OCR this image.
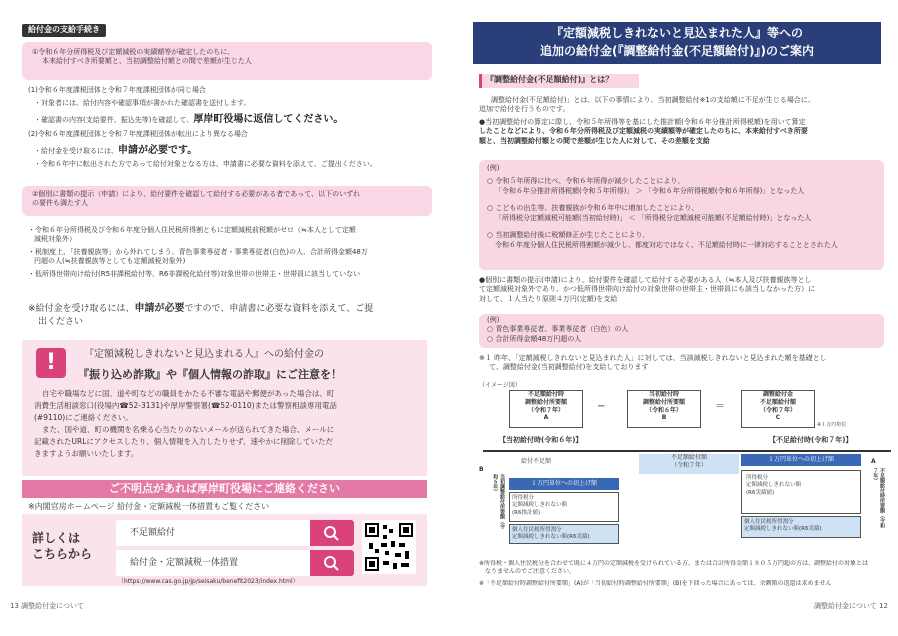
給付金の支給手続き
①令和６年分所得税及び定額減税の実績額等が確定したのちに、
本来給付すべき所要額と、当初調整給付額との間で差額が生じた人
(1)令和６年度課税団体と令和７年度課税団体が同じ場合
・対象者には、給付内容や確認事項が書かれた確認書を送付します。
・確認書の内容(支給要件、振込先等)を確認して、厚岸町役場に返信してください。
(2)令和６年度課税団体と令和７年度課税団体が転出により異なる場合
・給付金を受け取るには、申請が必要です。
・令和６年中に転出された方であって給付対象となる方は、申請書に必要な資料を添えて、ご提出ください。
②個別に書類の提示（申請）により、給付要件を確認して給付する必要がある者であって、以下のいずれ
の要件も満たす人
・令和６年分所得税及び令和６年度分個人住民税所得割ともに定額減税前税額がゼロ（≒本人として定額
減税対象外）
・税制度上、「扶養親族等」から外れてしまう、青色事業専従者・事業専従者(白色)の人、合計所得金額48万
円超の人(≒扶養親族等としても定額減税対象外)
・低所得世帯向け給付(R5非課税給付等、R6非課税化給付等)対象世帯の世帯主・世帯員に該当していない
※給付金を受け取るには、申請が必要ですので、申請書に必要な資料を添えて、ご提
出ください
!	『定額減税しきれないと見込まれる人』への給付金の
『振り込め詐欺』や『個人情報の詐取』にご注意を！
自宅や職場などに国、道や町などの職員をかたる不審な電話や郵便があった場合は、町
消費生活相談窓口(役場内☎52-3131)や厚岸警察署(☎52-0110)または警察相談専用電話
(#9110)にご連絡ください。
また、国や道、町の機関を名乗る心当たりのないメールが送られてきた場合、メールに
記載されたURLにアクセスしたり、個人情報を入力したりせず、速やかに削除していただ
きますようお願いいたします。
ご不明点があれば厚岸町役場にご連絡ください
※内閣官房ホームページ 給付金・定額減税一体措置もご覧ください
詳しくは
こちらから
不足額給付
給付金・定額減税一体措置
（https://www.cas.go.jp/jp/seisaku/benefit2023/index.html）
13 調整給付金について
『定額減税しきれないと見込まれた人』等への
追加の給付金(『調整給付金(不足額給付)』)のご案内
『調整給付金(不足額給付)』とは？
調整給付金(不足額給付)」とは、以下の事情により、当初調整給付※1の支給額に不足が生じる場合に、
追加で給付を行うものです。
●当初調整給付の算定に際し、令和５年所得等を基にした推計額(令和６年分推計所得税額)を用いて算定
したことなどにより、令和６年分所得税及び定額減税の実績額等が確定したのちに、本来給付すべき所要
額と、当初調整給付額との間で差額が生じた人に対して、その差額を支給
(例)
○ 令和５年所得に比べ、令和６年所得が減少したことにより、
「令和６年分推計所得税額(令和５年所得)」 ＞ 「令和６年分所得税額(令和６年所得)」となった人
○ こどもの出生等、扶養親族が令和６年中に増加したことにより、
「所得税分定額減税可能額(当初給付時)」 ＜ 「所得税分定額減税可能額(不足額給付時)」となった人
○ 当初調整給付後に税額修正が生じたことにより、
令和６年度分個人住民税所得割額が減少し、都度対応ではなく、不足額給付時に一律対応することとされた人
●個別に書類の提示(申請)により、給付要件を確認して給付する必要がある人（≒本人及び扶養親族等とし
て定額減税対象外であり、かつ低所得世帯向け給付の対象世帯の世帯主・世帯員にも該当しなかった方）に
対して、１人当たり原則４万円(定額)を支給
(例)
○ 青色事業専従者、事業専従者（白色）の人
○ 合計所得金額48万円超の人
※１ 昨年、「定額減税しきれないと見込まれた人」に対しては、当該減税しきれないと見込まれた額を基礎とし
て、調整給付金(当初調整給付)を支給しております
（イメージ図）
不足額給付時
調整給付所要額
（令和７年）
A
−
当初給付時
調整給付所要額
（令和６年）
B
＝
調整給付金
不足額給付額
（令和７年）
C
※１万円単位
【当初給付時(令和６年)】	【不足給付時(令和７年)】
B
当初調整給付所要額（令和６年）
給付不足額
不足額給付額
（令和７年）
１万円単位への切上げ額
１万円単位への切上げ額
所得税分
定額減税しきれない額
(R6推計値)
個人住民税所得割分
定額減税しきれない額(R6実績)
所得税分
定額減税しきれない額
(R6実績値)
個人住民税所得割分
定額減税しきれない額(R6実績)
A
不足額給付時所要額（令和７年）
※所得税・個人住民税分を合わせて既に４万円の定額減税を受けられている方、または合計所得金額１８０５万円超の方は、調整給付の対象とは
なりませんのでご注意ください。
※「不足額給付時調整給付所要額」(A)が「当初給付時調整給付所要額」(B)を下回った場合にあっては、余剰額の返還は求めません
調整給付金について 12
